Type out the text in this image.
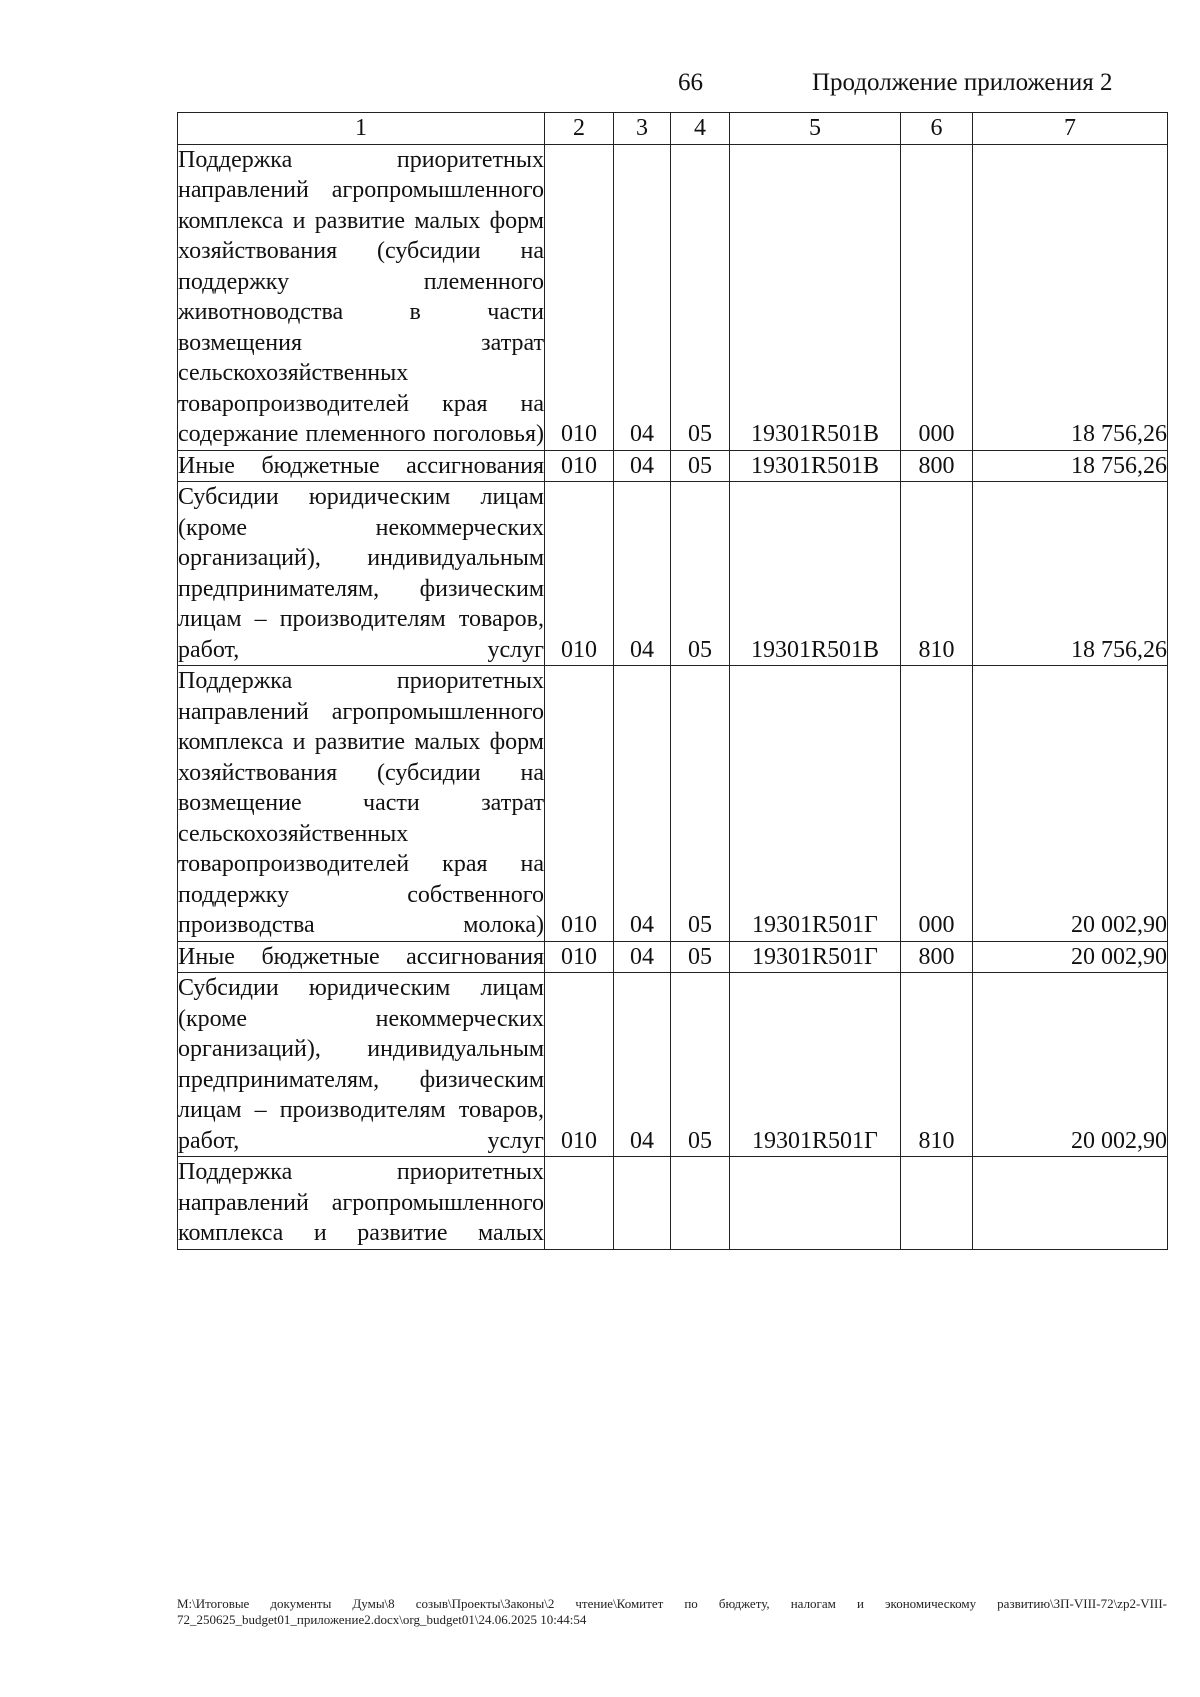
66	Продолжение приложения 2
1	2	3	4	5	6	7
Поддержка приоритетных направлений агропромышленного комплекса и развитие малых форм хозяйствования (субсидии на поддержку племенного животноводства в части возмещения затрат сельскохозяйственных товаропроизводителей края на содержание племенного поголовья)	010	04	05	19301R501В	000	18 756,26
Иные бюджетные ассигнования	010	04	05	19301R501В	800	18 756,26
Субсидии юридическим лицам (кроме некоммерческих организаций), индивидуальным предпринимателям, физическим лицам – производителям товаров, работ, услуг	010	04	05	19301R501В	810	18 756,26
Поддержка приоритетных направлений агропромышленного комплекса и развитие малых форм хозяйствования (субсидии на возмещение части затрат сельскохозяйственных товаропроизводителей края на поддержку собственного производства молока)	010	04	05	19301R501Г	000	20 002,90
Иные бюджетные ассигнования	010	04	05	19301R501Г	800	20 002,90
Субсидии юридическим лицам (кроме некоммерческих организаций), индивидуальным предпринимателям, физическим лицам – производителям товаров, работ, услуг	010	04	05	19301R501Г	810	20 002,90
Поддержка приоритетных направлений агропромышленного комплекса и развитие малых						
M:\Итоговые документы Думы\8 созыв\Проекты\Законы\2 чтение\Комитет по бюджету, налогам и экономическому развитию\ЗП-VIII-72\zp2-VIII-72_250625_budget01_приложение2.docx\org_budget01\24.06.2025 10:44:54
